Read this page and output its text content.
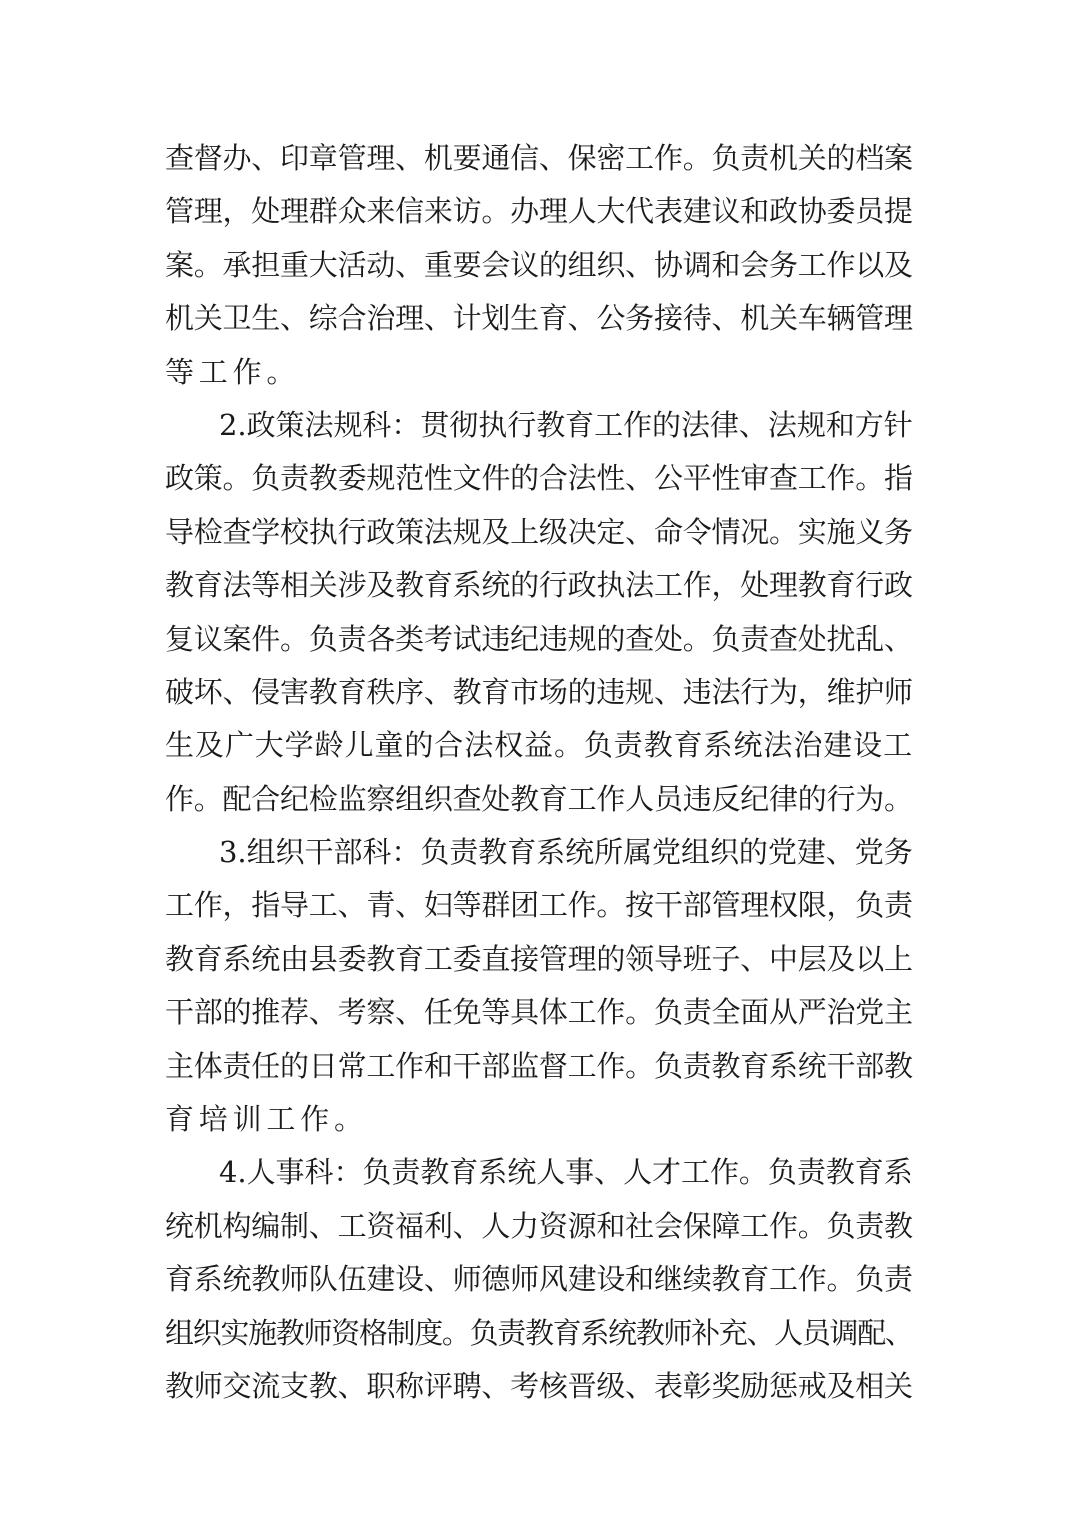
查督办、印章管理、机要通信、保密工作。负责机关的档案
管理，处理群众来信来访。办理人大代表建议和政协委员提
案。承担重大活动、重要会议的组织、协调和会务工作以及
机关卫生、综合治理、计划生育、公务接待、机关车辆管理
等工作。
2.政策法规科：贯彻执行教育工作的法律、法规和方针
政策。负责教委规范性文件的合法性、公平性审查工作。指
导检查学校执行政策法规及上级决定、命令情况。实施义务
教育法等相关涉及教育系统的行政执法工作，处理教育行政
复议案件。负责各类考试违纪违规的查处。负责查处扰乱、
破坏、侵害教育秩序、教育市场的违规、违法行为，维护师
生及广大学龄儿童的合法权益。负责教育系统法治建设工
作。配合纪检监察组织查处教育工作人员违反纪律的行为。
3.组织干部科：负责教育系统所属党组织的党建、党务
工作，指导工、青、妇等群团工作。按干部管理权限，负责
教育系统由县委教育工委直接管理的领导班子、中层及以上
干部的推荐、考察、任免等具体工作。负责全面从严治党主
主体责任的日常工作和干部监督工作。负责教育系统干部教
育培训工作。
4.人事科：负责教育系统人事、人才工作。负责教育系
统机构编制、工资福利、人力资源和社会保障工作。负责教
育系统教师队伍建设、师德师风建设和继续教育工作。负责
组织实施教师资格制度。负责教育系统教师补充、人员调配、
教师交流支教、职称评聘、考核晋级、表彰奖励惩戒及相关
